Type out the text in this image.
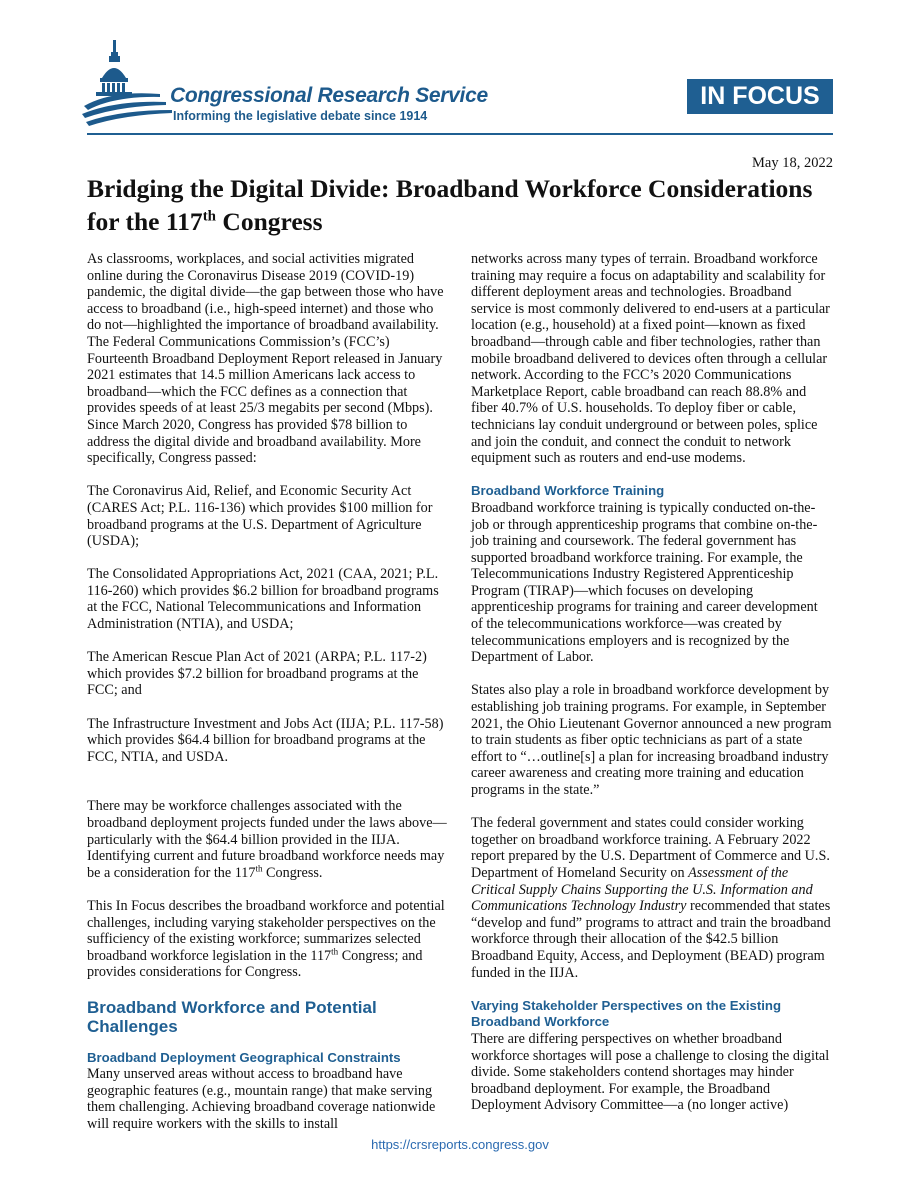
Congressional Research Service
Informing the legislative debate since 1914
IN FOCUS
May 18, 2022
Bridging the Digital Divide: Broadband Workforce Considerations for the 117th Congress

As classrooms, workplaces, and social activities migrated online during the Coronavirus Disease 2019 (COVID-19) pandemic, the digital divide—the gap between those who have access to broadband (i.e., high-speed internet) and those who do not—highlighted the importance of broadband availability. The Federal Communications Commission’s (FCC’s) Fourteenth Broadband Deployment Report released in January 2021 estimates that 14.5 million Americans lack access to broadband—which the FCC defines as a connection that provides speeds of at least 25/3 megabits per second (Mbps). Since March 2020, Congress has provided $78 billion to address the digital divide and broadband availability. More specifically, Congress passed:

The Coronavirus Aid, Relief, and Economic Security Act (CARES Act; P.L. 116-136) which provides $100 million for broadband programs at the U.S. Department of Agriculture (USDA);

The Consolidated Appropriations Act, 2021 (CAA, 2021; P.L. 116-260) which provides $6.2 billion for broadband programs at the FCC, National Telecommunications and Information Administration (NTIA), and USDA;

The American Rescue Plan Act of 2021 (ARPA; P.L. 117-2) which provides $7.2 billion for broadband programs at the FCC; and

The Infrastructure Investment and Jobs Act (IIJA; P.L. 117-58) which provides $64.4 billion for broadband programs at the FCC, NTIA, and USDA.

There may be workforce challenges associated with the broadband deployment projects funded under the laws above—particularly with the $64.4 billion provided in the IIJA. Identifying current and future broadband workforce needs may be a consideration for the 117th Congress.

This In Focus describes the broadband workforce and potential challenges, including varying stakeholder perspectives on the sufficiency of the existing workforce; summarizes selected broadband workforce legislation in the 117th Congress; and provides considerations for Congress.

Broadband Workforce and Potential Challenges
Broadband Deployment Geographical Constraints

Many unserved areas without access to broadband have geographic features (e.g., mountain range) that make serving them challenging. Achieving broadband coverage nationwide will require workers with the skills to install

networks across many types of terrain. Broadband workforce training may require a focus on adaptability and scalability for different deployment areas and technologies. Broadband service is most commonly delivered to end-users at a particular location (e.g., household) at a fixed point—known as fixed broadband—through cable and fiber technologies, rather than mobile broadband delivered to devices often through a cellular network. According to the FCC’s 2020 Communications Marketplace Report, cable broadband can reach 88.8% and fiber 40.7% of U.S. households. To deploy fiber or cable, technicians lay conduit underground or between poles, splice and join the conduit, and connect the conduit to network equipment such as routers and end-use modems.

Broadband Workforce Training

Broadband workforce training is typically conducted on-the-job or through apprenticeship programs that combine on-the-job training and coursework. The federal government has supported broadband workforce training. For example, the Telecommunications Industry Registered Apprenticeship Program (TIRAP)—which focuses on developing apprenticeship programs for training and career development of the telecommunications workforce—was created by telecommunications employers and is recognized by the Department of Labor.

States also play a role in broadband workforce development by establishing job training programs. For example, in September 2021, the Ohio Lieutenant Governor announced a new program to train students as fiber optic technicians as part of a state effort to “…outline[s] a plan for increasing broadband industry career awareness and creating more training and education programs in the state.”

The federal government and states could consider working together on broadband workforce training. A February 2022 report prepared by the U.S. Department of Commerce and U.S. Department of Homeland Security on Assessment of the Critical Supply Chains Supporting the U.S. Information and Communications Technology Industry recommended that states “develop and fund” programs to attract and train the broadband workforce through their allocation of the $42.5 billion Broadband Equity, Access, and Deployment (BEAD) program funded in the IIJA.

Varying Stakeholder Perspectives on the Existing Broadband Workforce

There are differing perspectives on whether broadband workforce shortages will pose a challenge to closing the digital divide. Some stakeholders contend shortages may hinder broadband deployment. For example, the Broadband Deployment Advisory Committee—a (no longer active)

https://crsreports.congress.gov
